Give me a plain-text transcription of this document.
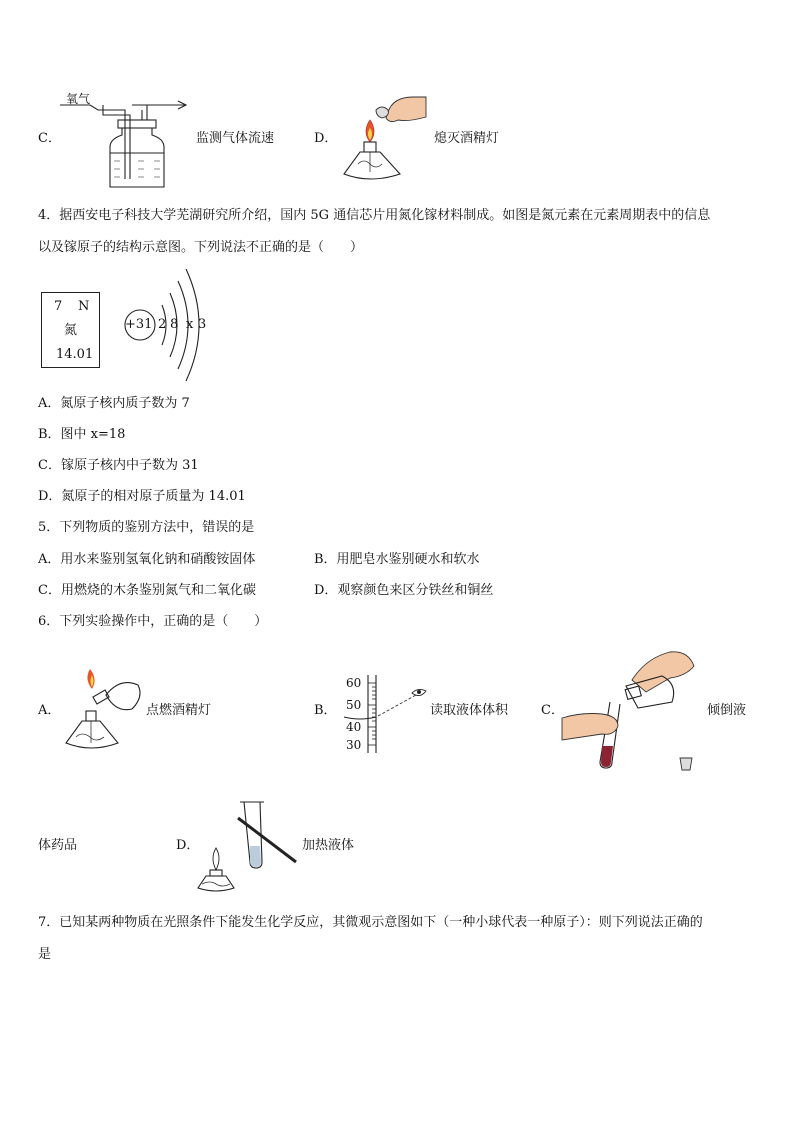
C．
氧气
监测气体流速	D．	熄灭酒精灯
4．据西安电子科技大学芜湖研究所介绍，国内 5G 通信芯片用氮化镓材料制成。如图是氮元素在元素周期表中的信息
以及镓原子的结构示意图。下列说法不正确的是（　　）
7 N
氮
14.01
+31 2 8 x 3
A．氮原子核内质子数为 7
B．图中 x=18
C．镓原子核内中子数为 31
D．氮原子的相对原子质量为 14.01
5．下列物质的鉴别方法中，错误的是
A．用水来鉴别氢氧化钠和硝酸铵固体	B．用肥皂水鉴别硬水和软水
C．用燃烧的木条鉴别氮气和二氧化碳	D．观察颜色来区分铁丝和铜丝
6．下列实验操作中，正确的是（　　）
A．	点燃酒精灯	B．
60
50
40
30
读取液体体积	C．	倾倒液
体药品	D．	加热液体
7．已知某两种物质在光照条件下能发生化学反应，其微观示意图如下（一种小球代表一种原子）：则下列说法正确的
是
